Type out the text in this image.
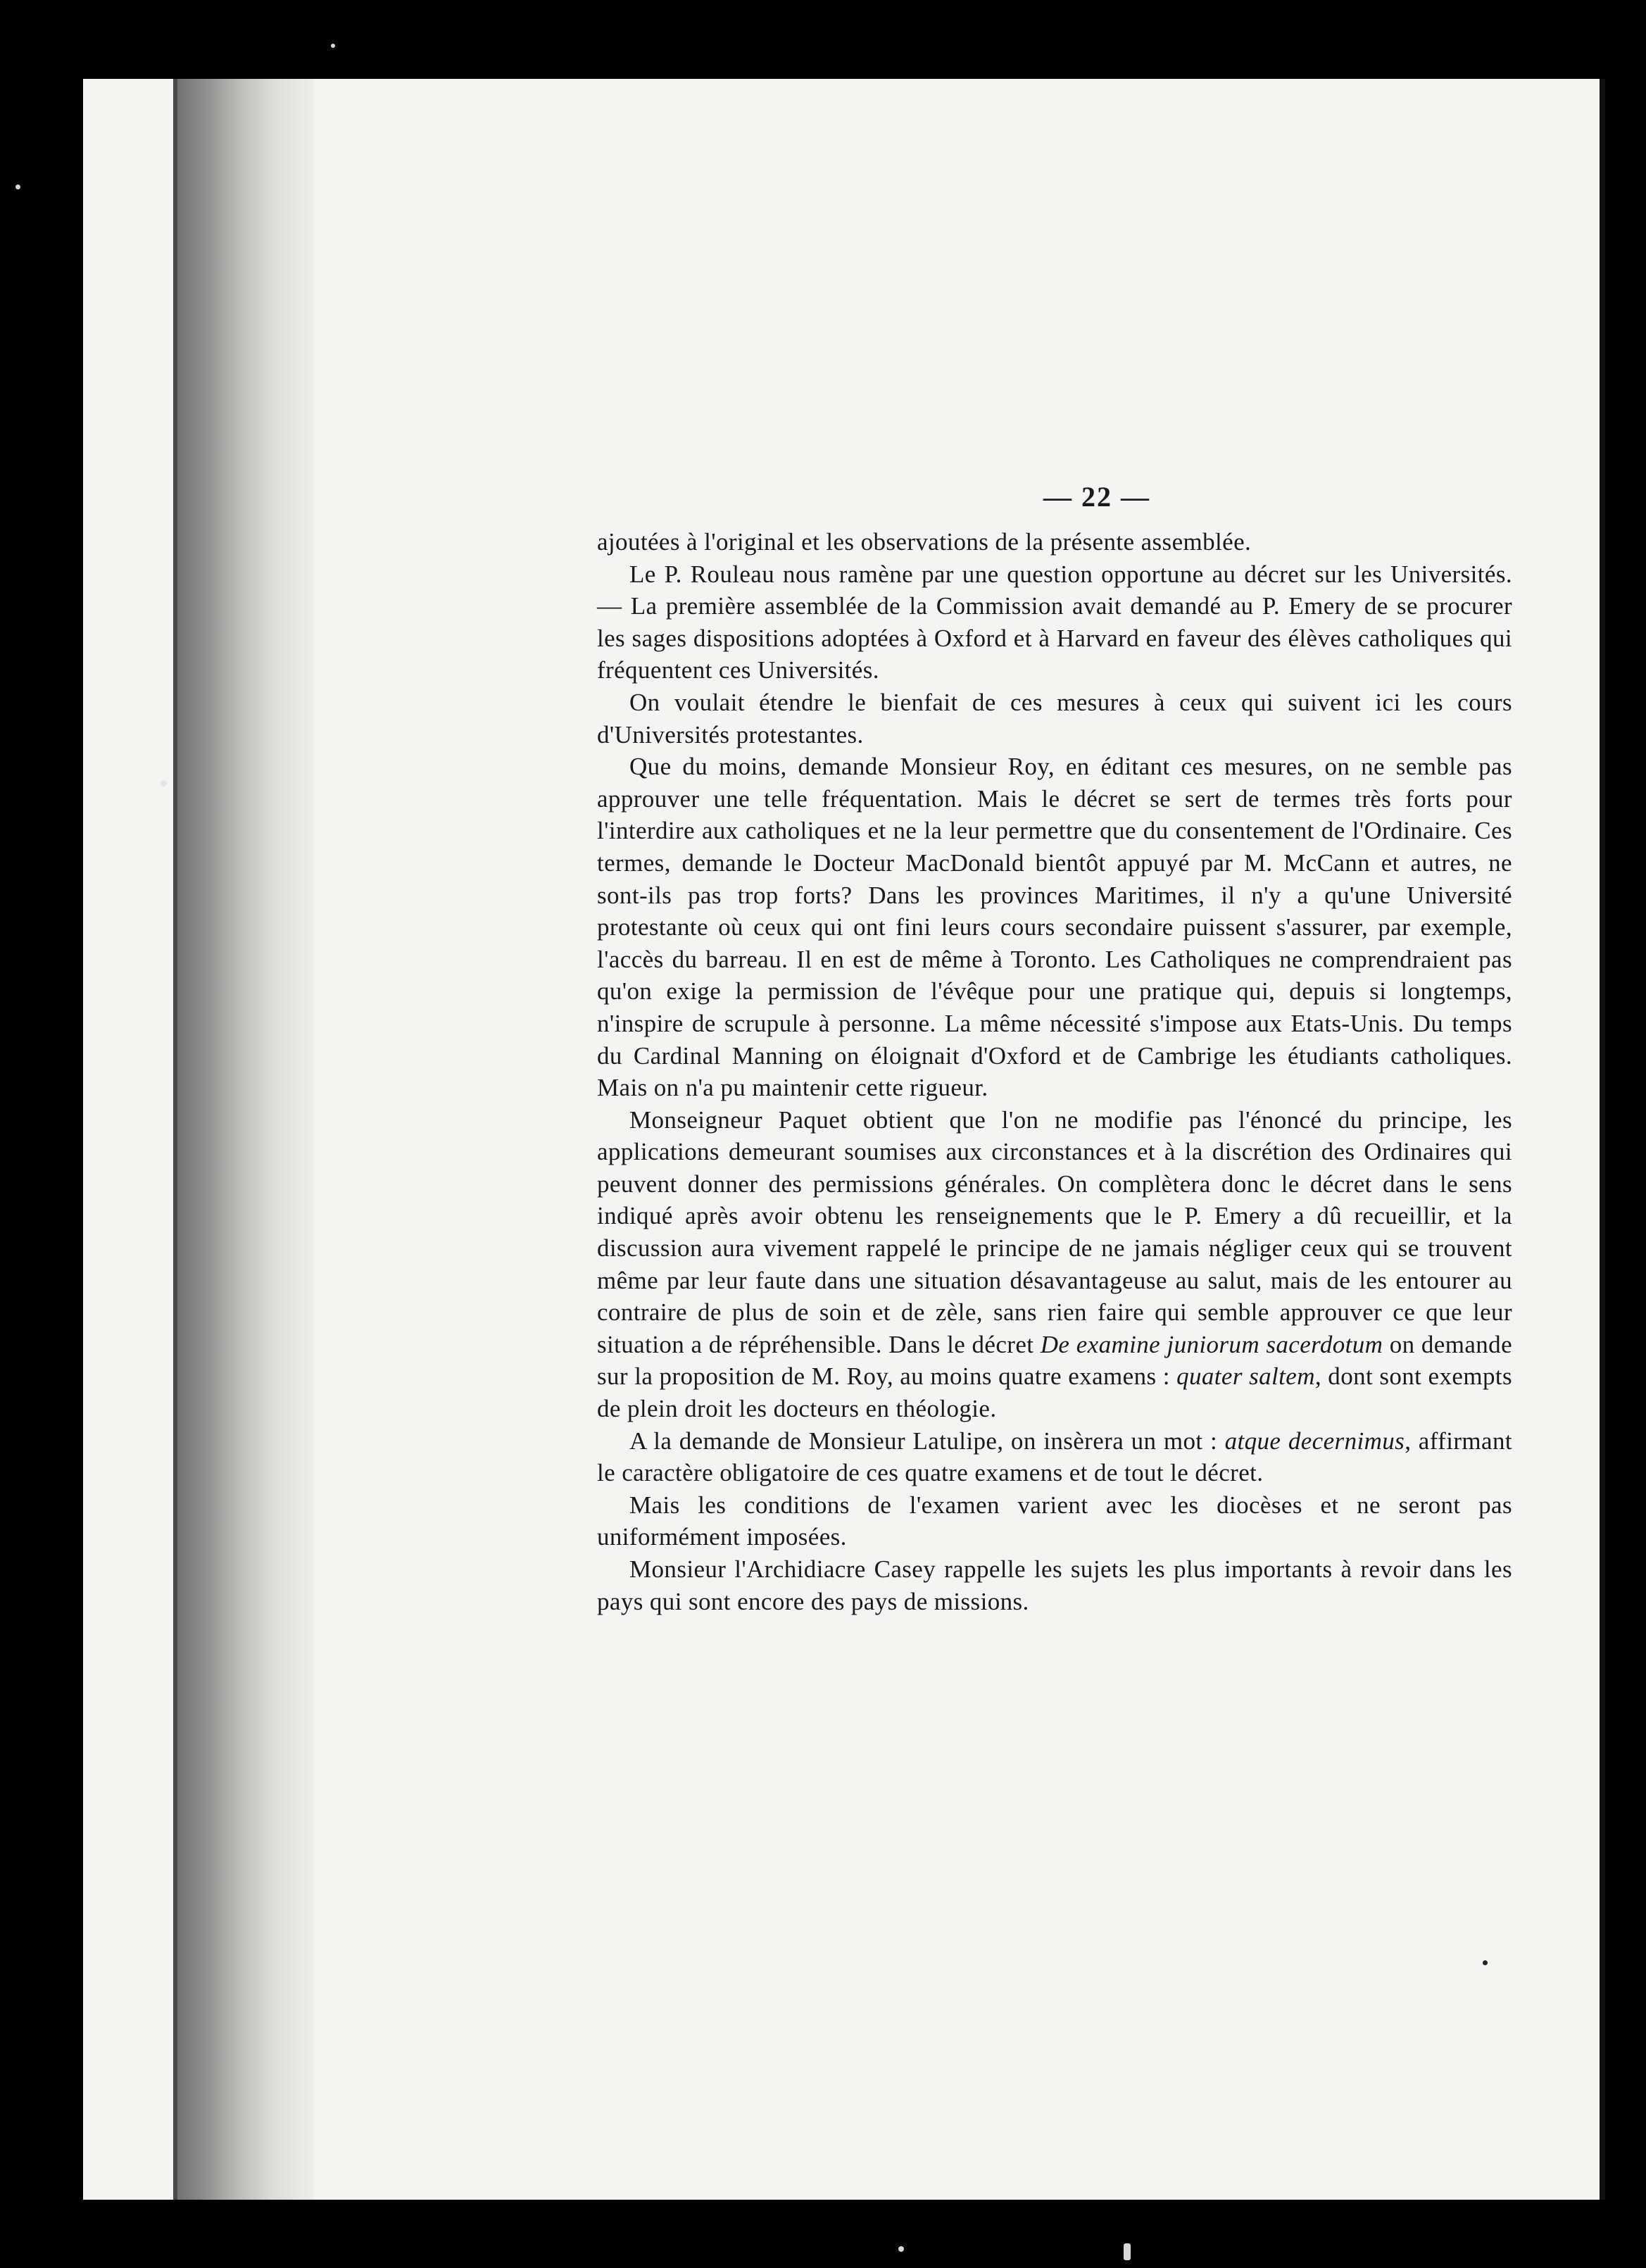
— 22 —

ajoutées à l'original et les observations de la présente assemblée.

Le P. Rouleau nous ramène par une question opportune au décret sur les Universités. — La première assemblée de la Commission avait demandé au P. Emery de se procurer les sages dispositions adoptées à Oxford et à Harvard en faveur des élèves catholiques qui fréquentent ces Universités.

On voulait étendre le bienfait de ces mesures à ceux qui suivent ici les cours d'Universités protestantes.

Que du moins, demande Monsieur Roy, en éditant ces mesures, on ne semble pas approuver une telle fréquentation. Mais le décret se sert de termes très forts pour l'interdire aux catholiques et ne la leur permettre que du consentement de l'Ordinaire. Ces termes, demande le Docteur MacDonald bientôt appuyé par M. McCann et autres, ne sont-ils pas trop forts? Dans les provinces Maritimes, il n'y a qu'une Université protestante où ceux qui ont fini leurs cours secondaire puissent s'assurer, par exemple, l'accès du barreau. Il en est de même à Toronto. Les Catholiques ne comprendraient pas qu'on exige la permission de l'évêque pour une pratique qui, depuis si longtemps, n'inspire de scrupule à personne. La même nécessité s'impose aux Etats-Unis. Du temps du Cardinal Manning on éloignait d'Oxford et de Cambrige les étudiants catholiques. Mais on n'a pu maintenir cette rigueur.

Monseigneur Paquet obtient que l'on ne modifie pas l'énoncé du principe, les applications demeurant soumises aux circonstances et à la discrétion des Ordinaires qui peuvent donner des permissions générales. On complètera donc le décret dans le sens indiqué après avoir obtenu les renseignements que le P. Emery a dû recueillir, et la discussion aura vivement rappelé le principe de ne jamais négliger ceux qui se trouvent même par leur faute dans une situation désavantageuse au salut, mais de les entourer au contraire de plus de soin et de zèle, sans rien faire qui semble approuver ce que leur situation a de répréhensible. Dans le décret De examine juniorum sacerdotum on demande sur la proposition de M. Roy, au moins quatre examens : quater saltem, dont sont exempts de plein droit les docteurs en théologie.

A la demande de Monsieur Latulipe, on insèrera un mot : atque decernimus, affirmant le caractère obligatoire de ces quatre examens et de tout le décret.

Mais les conditions de l'examen varient avec les diocèses et ne seront pas uniformément imposées.

Monsieur l'Archidiacre Casey rappelle les sujets les plus importants à revoir dans les pays qui sont encore des pays de missions.
